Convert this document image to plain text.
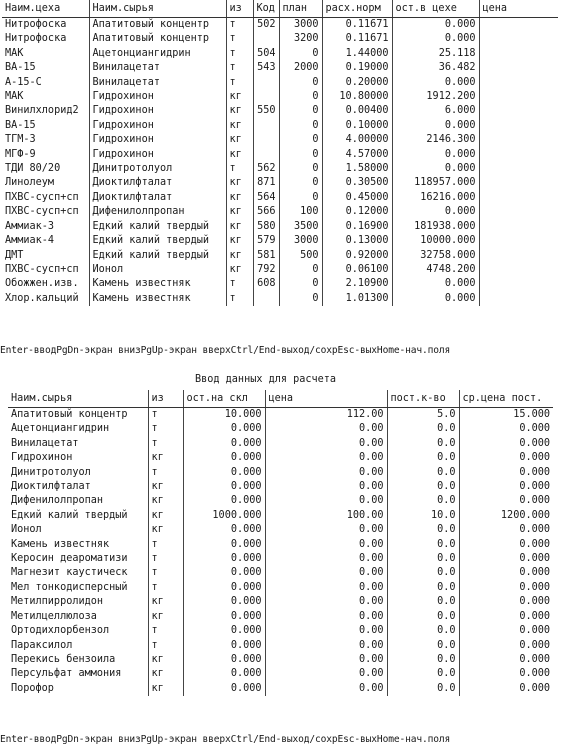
Наим.цеха	Наим.сырья	из	Код	план	расх.норм	ост.в цехе	цена
Нитрофоска	Апатитовый концентр	т	502	3000	0.11671	0.000	
Нитрофоска	Апатитовый концентр	т		3200	0.11671	0.000	
МАК	Ацетонциангидрин	т	504	0	1.44000	25.118	
ВА-15	Винилацетат	т	543	2000	0.19000	36.482	
А-15-С	Винилацетат	т		0	0.20000	0.000	
МАК	Гидрохинон	кг		0	10.80000	1912.200	
Винилхлорид2	Гидрохинон	кг	550	0	0.00400	6.000	
ВА-15	Гидрохинон	кг		0	0.10000	0.000	
ТГМ-3	Гидрохинон	кг		0	4.00000	2146.300	
МГФ-9	Гидрохинон	кг		0	4.57000	0.000	
ТДИ 80/20	Динитротолуол	т	562	0	1.58000	0.000	
Линолеум	Диоктилфталат	кг	871	0	0.30500	118957.000	
ПХВС-сусп+сп	Диоктилфталат	кг	564	0	0.45000	16216.000	
ПХВС-сусп+сп	Дифенилолпропан	кг	566	100	0.12000	0.000	
Аммиак-3	Едкий калий твердый	кг	580	3500	0.16900	181938.000	
Аммиак-4	Едкий калий твердый	кг	579	3000	0.13000	10000.000	
ДМТ	Едкий калий твердый	кг	581	500	0.92000	32758.000	
ПХВС-сусп+сп	Ионол	кг	792	0	0.06100	4748.200	
Обожжен.изв.	Камень известняк	т	608	0	2.10900	0.000	
Хлор.кальций	Камень известняк	т		0	1.01300	0.000	
Enter-вводPgDn-экран внизPgUp-экран вверхCtrl/End-выход/сохрEsc-выхHome-нач.поля
Ввод данных для расчета
Наим.сырья	из	ост.на скл	цена	пост.к-во	ср.цена пост.
Апатитовый концентр	т	10.000	112.00	5.0	15.000
Ацетонциангидрин	т	0.000	0.00	0.0	0.000
Винилацетат	т	0.000	0.00	0.0	0.000
Гидрохинон	кг	0.000	0.00	0.0	0.000
Динитротолуол	т	0.000	0.00	0.0	0.000
Диоктилфталат	кг	0.000	0.00	0.0	0.000
Дифенилолпропан	кг	0.000	0.00	0.0	0.000
Едкий калий твердый	кг	1000.000	100.00	10.0	1200.000
Ионол	кг	0.000	0.00	0.0	0.000
Камень известняк	т	0.000	0.00	0.0	0.000
Керосин деароматизи	т	0.000	0.00	0.0	0.000
Магнезит каустическ	т	0.000	0.00	0.0	0.000
Мел тонкодисперсный	т	0.000	0.00	0.0	0.000
Метилпирролидон	кг	0.000	0.00	0.0	0.000
Метилцеллюлоза	кг	0.000	0.00	0.0	0.000
Ортодихлорбензол	т	0.000	0.00	0.0	0.000
Параксилол	т	0.000	0.00	0.0	0.000
Перекись бензоила	кг	0.000	0.00	0.0	0.000
Персульфат аммония	кг	0.000	0.00	0.0	0.000
Порофор	кг	0.000	0.00	0.0	0.000
Enter-вводPgDn-экран внизPgUp-экран вверхCtrl/End-выход/сохрEsc-выхHome-нач.поля
